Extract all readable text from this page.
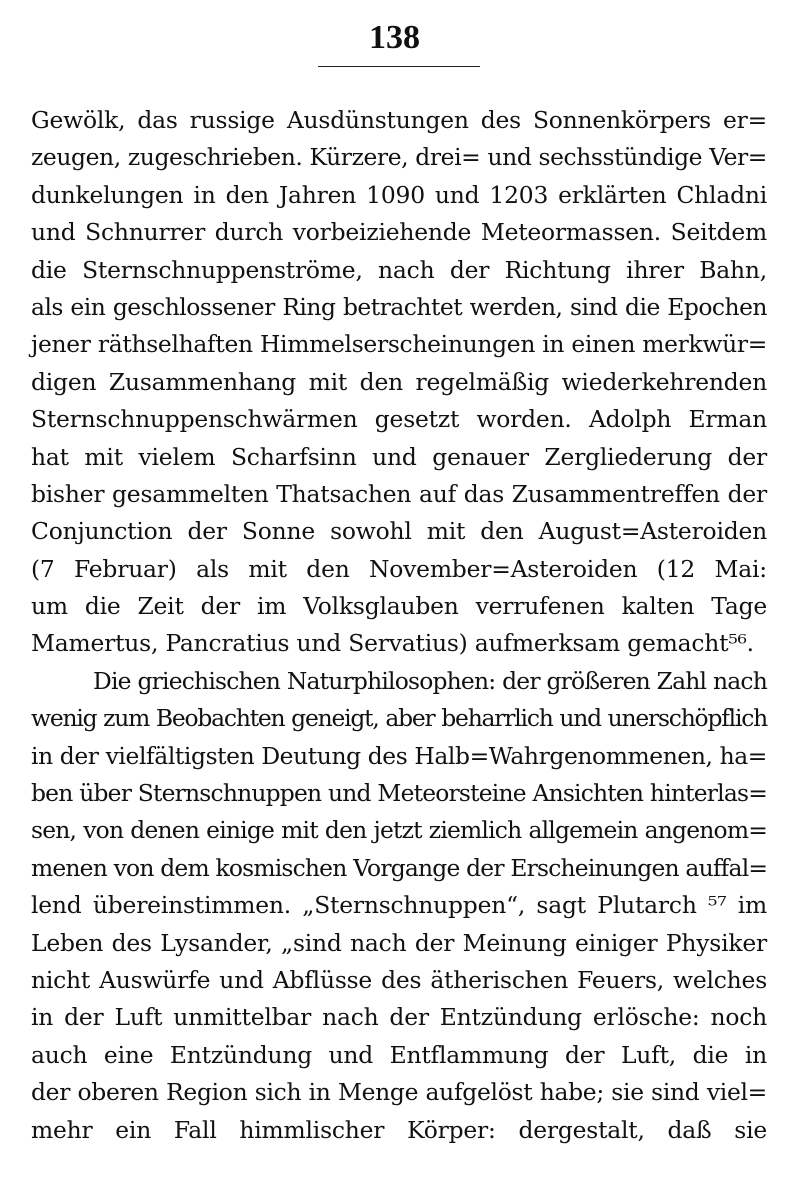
138
Gewölk, das russige Ausdünstungen des Sonnenkörpers er=
zeugen, zugeschrieben. Kürzere, drei= und sechsstündige Ver=
dunkelungen in den Jahren 1090 und 1203 erklärten Chladni
und Schnurrer durch vorbeiziehende Meteormassen. Seitdem
die Sternschnuppenströme, nach der Richtung ihrer Bahn,
als ein geschlossener Ring betrachtet werden, sind die Epochen
jener räthselhaften Himmelserscheinungen in einen merkwür=
digen Zusammenhang mit den regelmäßig wiederkehrenden
Sternschnuppenschwärmen gesetzt worden. Adolph Erman
hat mit vielem Scharfsinn und genauer Zergliederung der
bisher gesammelten Thatsachen auf das Zusammentreffen der
Conjunction der Sonne sowohl mit den August=Asteroiden
(7 Februar) als mit den November=Asteroiden (12 Mai:
um die Zeit der im Volksglauben verrufenen kalten Tage
Mamertus, Pancratius und Servatius) aufmerksam gemacht⁵⁶.
Die griechischen Naturphilosophen: der größeren Zahl nach
wenig zum Beobachten geneigt, aber beharrlich und unerschöpflich
in der vielfältigsten Deutung des Halb=Wahrgenommenen, ha=
ben über Sternschnuppen und Meteorsteine Ansichten hinterlas=
sen, von denen einige mit den jetzt ziemlich allgemein angenom=
menen von dem kosmischen Vorgange der Erscheinungen auffal=
lend übereinstimmen. „Sternschnuppen“, sagt Plutarch ⁵⁷ im
Leben des Lysander, „sind nach der Meinung einiger Physiker
nicht Auswürfe und Abflüsse des ätherischen Feuers, welches
in der Luft unmittelbar nach der Entzündung erlösche: noch
auch eine Entzündung und Entflammung der Luft, die in
der oberen Region sich in Menge aufgelöst habe; sie sind viel=
mehr ein Fall himmlischer Körper: dergestalt, daß sie
